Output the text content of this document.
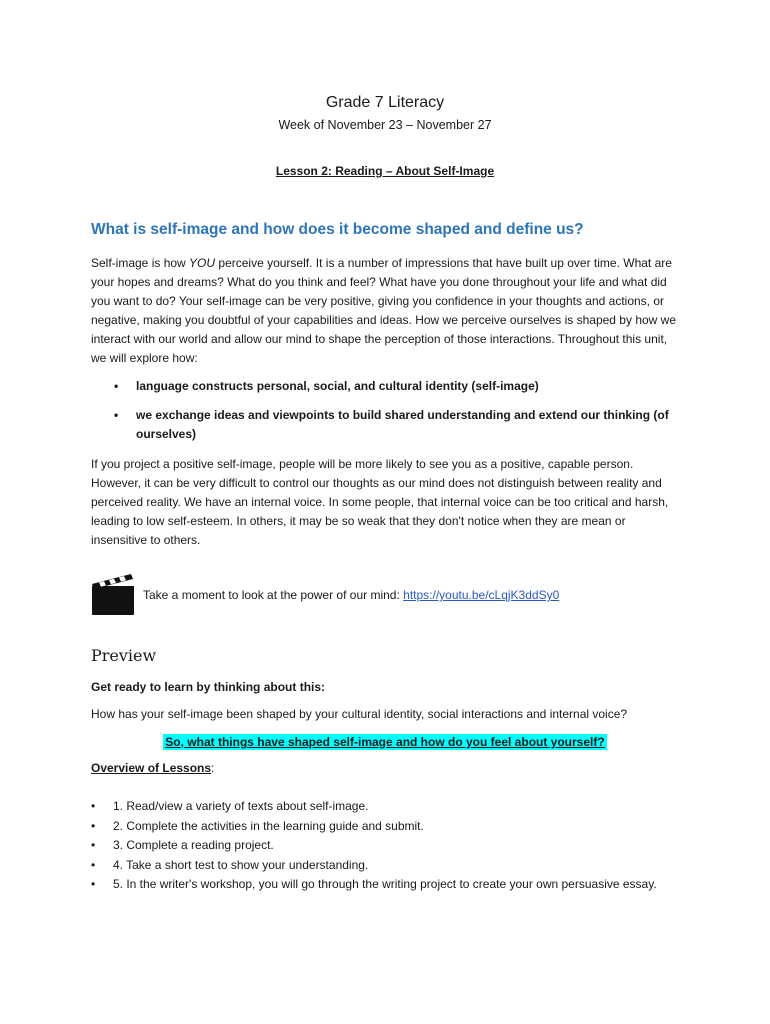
Grade 7 Literacy
Week of November 23 – November 27
Lesson 2: Reading – About Self-Image
What is self-image and how does it become shaped and define us?
Self-image is how YOU perceive yourself. It is a number of impressions that have built up over time. What are your hopes and dreams? What do you think and feel? What have you done throughout your life and what did you want to do? Your self-image can be very positive, giving you confidence in your thoughts and actions, or negative, making you doubtful of your capabilities and ideas. How we perceive ourselves is shaped by how we interact with our world and allow our mind to shape the perception of those interactions. Throughout this unit, we will explore how:
• language constructs personal, social, and cultural identity (self-image)
• we exchange ideas and viewpoints to build shared understanding and extend our thinking (of ourselves)
If you project a positive self-image, people will be more likely to see you as a positive, capable person. However, it can be very difficult to control our thoughts as our mind does not distinguish between reality and perceived reality. We have an internal voice. In some people, that internal voice can be too critical and harsh, leading to low self-esteem. In others, it may be so weak that they don't notice when they are mean or insensitive to others.
Take a moment to look at the power of our mind: https://youtu.be/cLqjK3ddSy0
Preview
Get ready to learn by thinking about this:
How has your self-image been shaped by your cultural identity, social interactions and internal voice?
So, what things have shaped self-image and how do you feel about yourself?
Overview of Lessons:
• 1. Read/view a variety of texts about self-image.
• 2. Complete the activities in the learning guide and submit.
• 3. Complete a reading project.
• 4. Take a short test to show your understanding.
• 5. In the writer's workshop, you will go through the writing project to create your own persuasive essay.
